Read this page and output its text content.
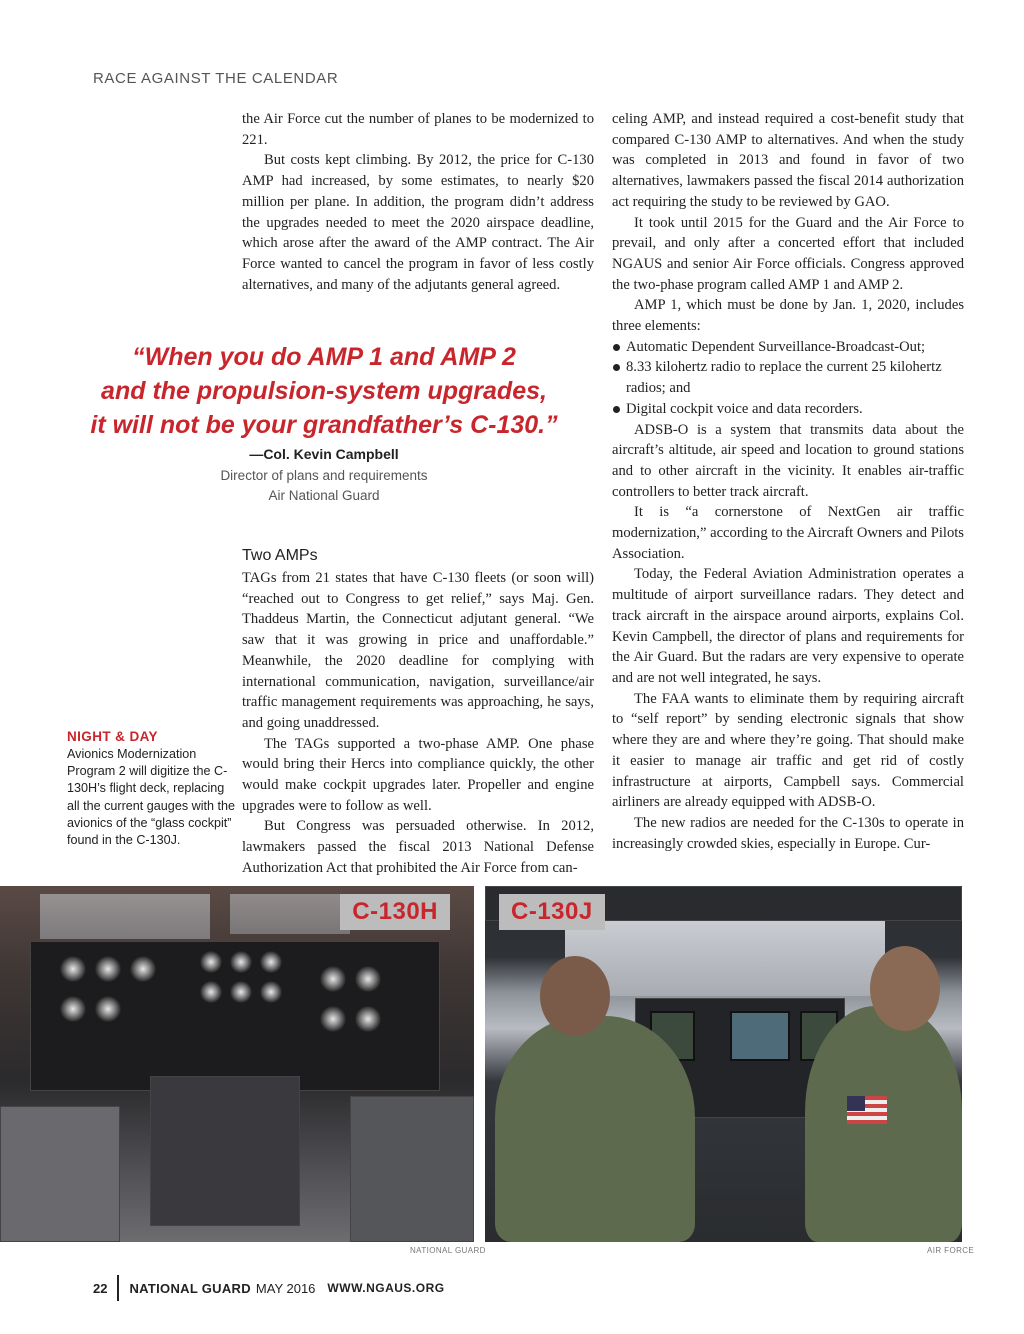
RACE AGAINST THE CALENDAR

the Air Force cut the number of planes to be modernized to 221.

But costs kept climbing. By 2012, the price for C-130 AMP had increased, by some estimates, to nearly $20 million per plane. In addition, the program didn’t address the upgrades needed to meet the 2020 airspace deadline, which arose after the award of the AMP contract. The Air Force wanted to cancel the program in favor of less costly alternatives, and many of the adjutants general agreed.

“When you do AMP 1 and AMP 2
and the propulsion-system upgrades,
it will not be your grandfather’s C-130.”
—Col. Kevin Campbell
Director of plans and requirements
Air National Guard
Two AMPs

TAGs from 21 states that have C-130 fleets (or soon will) “reached out to Congress to get relief,” says Maj. Gen. Thaddeus Martin, the Connecticut adjutant general. “We saw that it was growing in price and unaffordable.” Meanwhile, the 2020 deadline for complying with international communication, navigation, surveillance/air traffic management requirements was approaching, he says, and going unaddressed.

The TAGs supported a two-phase AMP. One phase would bring their Hercs into compliance quickly, the other would make cockpit upgrades later. Propeller and engine upgrades were to follow as well.

But Congress was persuaded otherwise. In 2012, lawmakers passed the fiscal 2013 National Defense Authorization Act that prohibited the Air Force from can-

celing AMP, and instead required a cost-benefit study that compared C-130 AMP to alternatives. And when the study was completed in 2013 and found in favor of two alternatives, lawmakers passed the fiscal 2014 authorization act requiring the study to be reviewed by GAO.

It took until 2015 for the Guard and the Air Force to prevail, and only after a concerted effort that included NGAUS and senior Air Force officials. Congress approved the two-phase program called AMP 1 and AMP 2.

AMP 1, which must be done by Jan. 1, 2020, includes three elements:

Automatic Dependent Surveillance-Broadcast-Out;
8.33 kilohertz radio to replace the current 25 kilohertz radios; and
Digital cockpit voice and data recorders.

ADSB-O is a system that transmits data about the aircraft’s altitude, air speed and location to ground stations and to other aircraft in the vicinity. It enables air-traffic controllers to better track aircraft.

It is “a cornerstone of NextGen air traffic modernization,” according to the Aircraft Owners and Pilots Association.

Today, the Federal Aviation Administration operates a multitude of airport surveillance radars. They detect and track aircraft in the airspace around airports, explains Col. Kevin Campbell, the director of plans and requirements for the Air Guard. But the radars are very expensive to operate and are not well integrated, he says.

The FAA wants to eliminate them by requiring aircraft to “self report” by sending electronic signals that show where they are and where they’re going. That should make it easier to manage air traffic and get rid of costly infrastructure at airports, Campbell says. Commercial airliners are already equipped with ADSB-O.

The new radios are needed for the C-130s to operate in increasingly crowded skies, especially in Europe. Cur-

NIGHT & DAY
Avionics Modernization Program 2 will digitize the C-130H’s flight deck, replacing all the current gauges with the avionics of the “glass cockpit” found in the C-130J.
C-130H
NATIONAL GUARD
C-130J
AIR FORCE
22 NATIONAL GUARD MAY 2016 WWW.NGAUS.ORG
